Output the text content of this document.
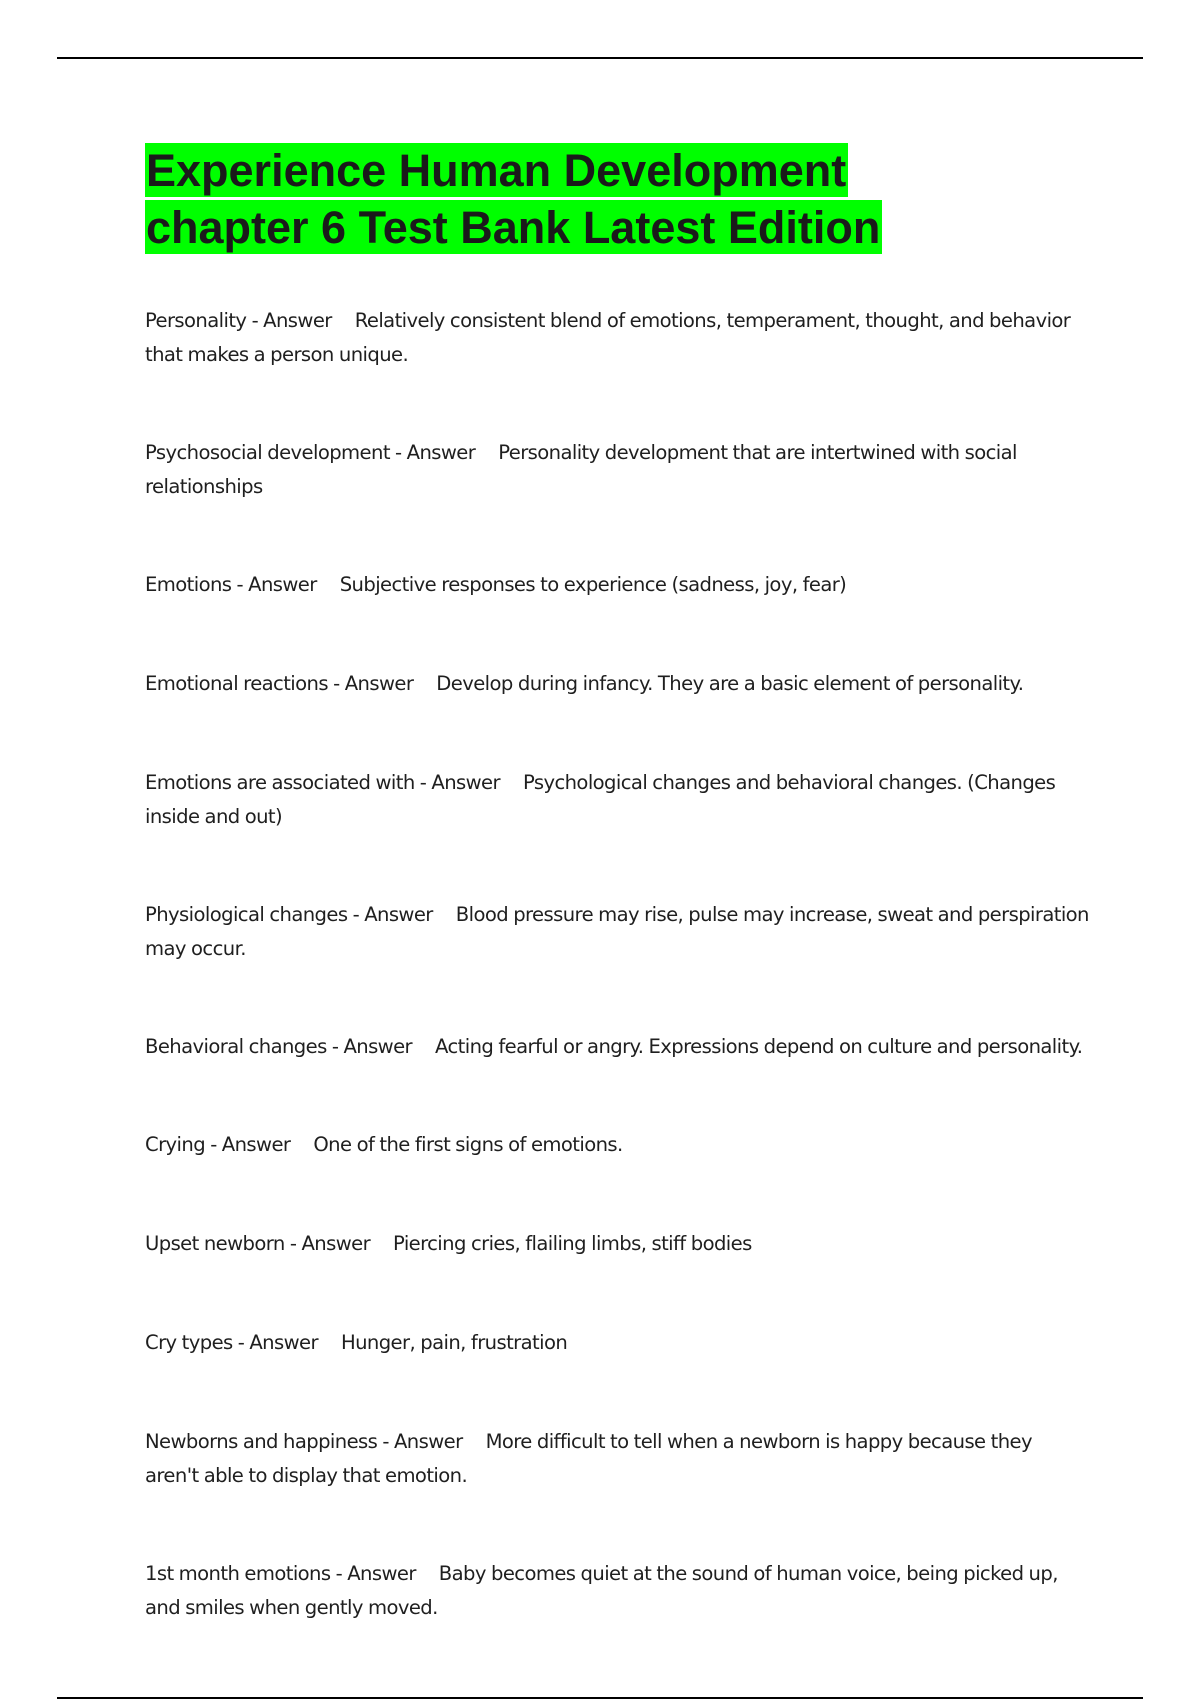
Experience Human Development
chapter 6 Test Bank Latest Edition

Personality - Answer Relatively consistent blend of emotions, temperament, thought, and behavior that makes a person unique.

Psychosocial development - Answer Personality development that are intertwined with social relationships

Emotions - Answer Subjective responses to experience (sadness, joy, fear)

Emotional reactions - Answer Develop during infancy. They are a basic element of personality.

Emotions are associated with - Answer Psychological changes and behavioral changes. (Changes inside and out)

Physiological changes - Answer Blood pressure may rise, pulse may increase, sweat and perspiration may occur.

Behavioral changes - Answer Acting fearful or angry. Expressions depend on culture and personality.

Crying - Answer One of the first signs of emotions.

Upset newborn - Answer Piercing cries, flailing limbs, stiff bodies

Cry types - Answer Hunger, pain, frustration

Newborns and happiness - Answer More difficult to tell when a newborn is happy because they aren't able to display that emotion.

1st month emotions - Answer Baby becomes quiet at the sound of human voice, being picked up, and smiles when gently moved.
